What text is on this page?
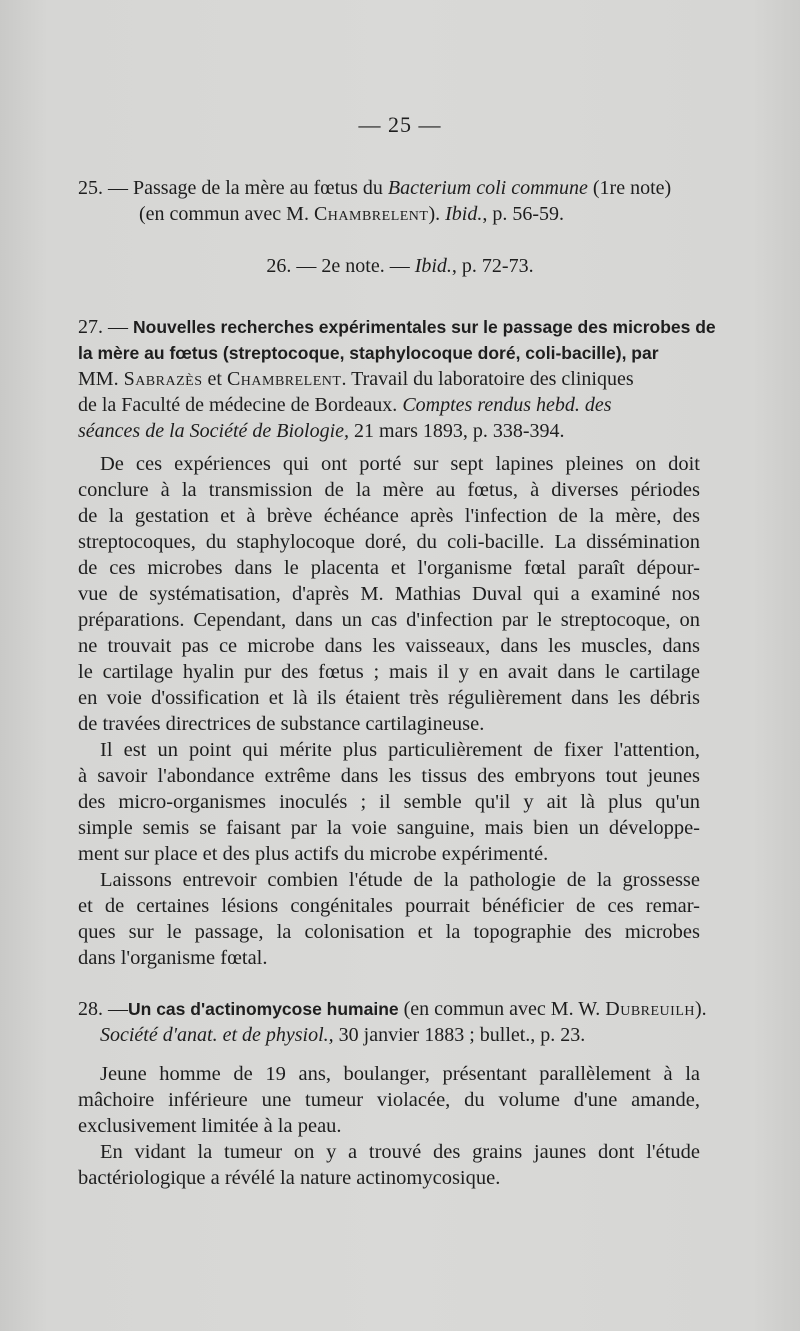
— 25 —
25. — Passage de la mère au fœtus du Bacterium coli commune (1re note)
(en commun avec M. Chambrelent). Ibid., p. 56-59.
26. — 2e note. — Ibid., p. 72-73.
27. — Nouvelles recherches expérimentales sur le passage des microbes de
la mère au fœtus (streptocoque, staphylocoque doré, coli-bacille), par
MM. Sabrazès et Chambrelent. Travail du laboratoire des cliniques
de la Faculté de médecine de Bordeaux. Comptes rendus hebd. des
séances de la Société de Biologie, 21 mars 1893, p. 338-394.
De ces expériences qui ont porté sur sept lapines pleines on doit
conclure à la transmission de la mère au fœtus, à diverses périodes
de la gestation et à brève échéance après l'infection de la mère, des
streptocoques, du staphylocoque doré, du coli-bacille. La dissémination
de ces microbes dans le placenta et l'organisme fœtal paraît dépour-
vue de systématisation, d'après M. Mathias Duval qui a examiné nos
préparations. Cependant, dans un cas d'infection par le streptocoque, on
ne trouvait pas ce microbe dans les vaisseaux, dans les muscles, dans
le cartilage hyalin pur des fœtus ; mais il y en avait dans le cartilage
en voie d'ossification et là ils étaient très régulièrement dans les débris
de travées directrices de substance cartilagineuse.
Il est un point qui mérite plus particulièrement de fixer l'attention,
à savoir l'abondance extrême dans les tissus des embryons tout jeunes
des micro-organismes inoculés ; il semble qu'il y ait là plus qu'un
simple semis se faisant par la voie sanguine, mais bien un développe-
ment sur place et des plus actifs du microbe expérimenté.
Laissons entrevoir combien l'étude de la pathologie de la grossesse
et de certaines lésions congénitales pourrait bénéficier de ces remar-
ques sur le passage, la colonisation et la topographie des microbes
dans l'organisme fœtal.
28. —Un cas d'actinomycose humaine (en commun avec M. W. Dubreuilh).
Société d'anat. et de physiol., 30 janvier 1883 ; bullet., p. 23.
Jeune homme de 19 ans, boulanger, présentant parallèlement à la
mâchoire inférieure une tumeur violacée, du volume d'une amande,
exclusivement limitée à la peau.
En vidant la tumeur on y a trouvé des grains jaunes dont l'étude
bactériologique a révélé la nature actinomycosique.
